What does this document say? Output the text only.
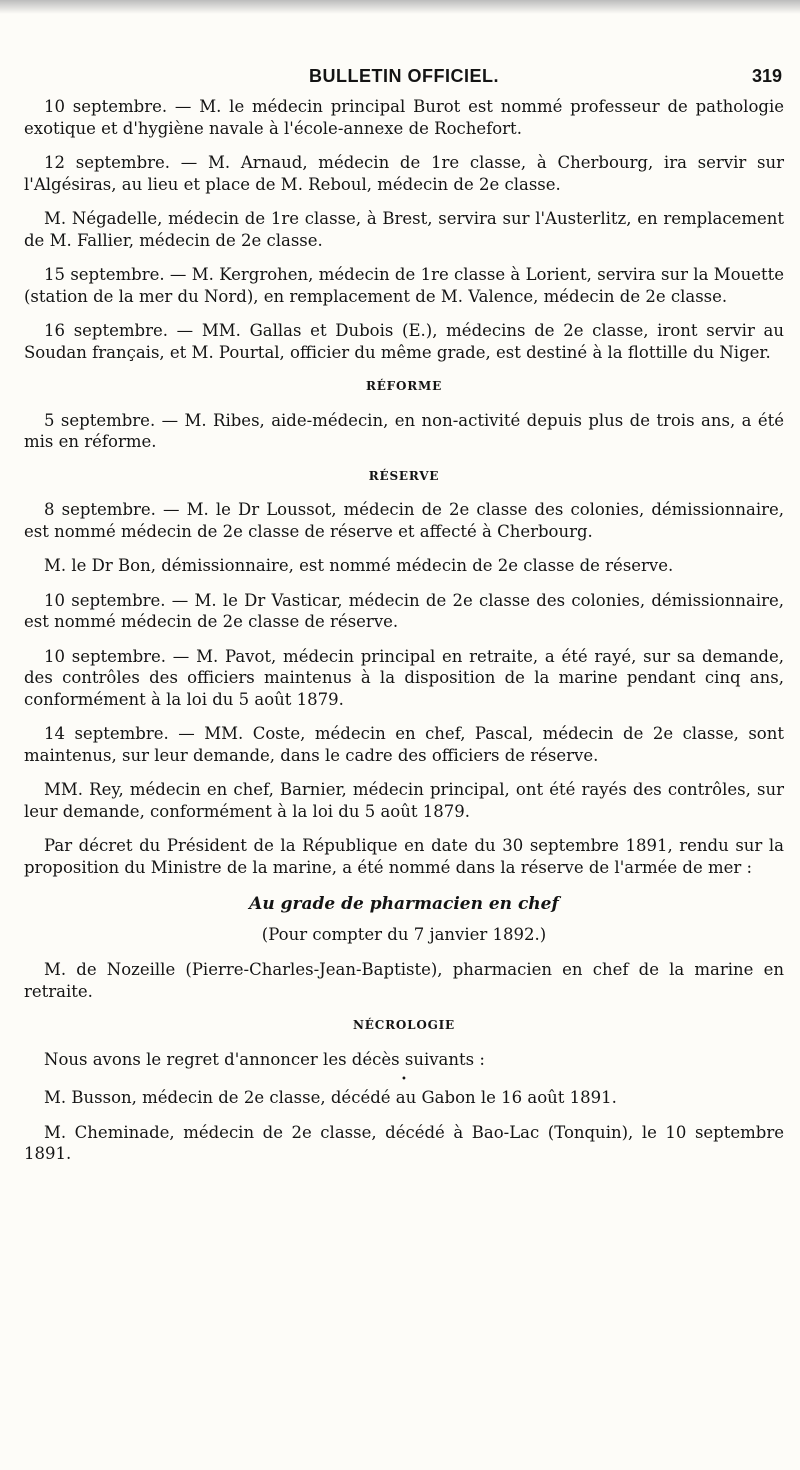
BULLETIN OFFICIEL.	319

10 septembre. — M. le médecin principal Burot est nommé professeur de pathologie exotique et d'hygiène navale à l'école-annexe de Rochefort.

12 septembre. — M. Arnaud, médecin de 1re classe, à Cherbourg, ira servir sur l'Algésiras, au lieu et place de M. Reboul, médecin de 2e classe.

M. Négadelle, médecin de 1re classe, à Brest, servira sur l'Austerlitz, en remplacement de M. Fallier, médecin de 2e classe.

15 septembre. — M. Kergrohen, médecin de 1re classe à Lorient, servira sur la Mouette (station de la mer du Nord), en remplacement de M. Valence, médecin de 2e classe.

16 septembre. — MM. Gallas et Dubois (E.), médecins de 2e classe, iront servir au Soudan français, et M. Pourtal, officier du même grade, est destiné à la flottille du Niger.

RÉFORME

5 septembre. — M. Ribes, aide-médecin, en non-activité depuis plus de trois ans, a été mis en réforme.

RÉSERVE

8 septembre. — M. le Dr Loussot, médecin de 2e classe des colonies, démissionnaire, est nommé médecin de 2e classe de réserve et affecté à Cherbourg.

M. le Dr Bon, démissionnaire, est nommé médecin de 2e classe de réserve.

10 septembre. — M. le Dr Vasticar, médecin de 2e classe des colonies, démissionnaire, est nommé médecin de 2e classe de réserve.

10 septembre. — M. Pavot, médecin principal en retraite, a été rayé, sur sa demande, des contrôles des officiers maintenus à la disposition de la marine pendant cinq ans, conformément à la loi du 5 août 1879.

14 septembre. — MM. Coste, médecin en chef, Pascal, médecin de 2e classe, sont maintenus, sur leur demande, dans le cadre des officiers de réserve.

MM. Rey, médecin en chef, Barnier, médecin principal, ont été rayés des contrôles, sur leur demande, conformément à la loi du 5 août 1879.

Par décret du Président de la République en date du 30 septembre 1891, rendu sur la proposition du Ministre de la marine, a été nommé dans la réserve de l'armée de mer :

Au grade de pharmacien en chef
(Pour compter du 7 janvier 1892.)

M. de Nozeille (Pierre-Charles-Jean-Baptiste), pharmacien en chef de la marine en retraite.

NÉCROLOGIE

Nous avons le regret d'annoncer les décès suivants :

•

M. Busson, médecin de 2e classe, décédé au Gabon le 16 août 1891.

M. Cheminade, médecin de 2e classe, décédé à Bao-Lac (Tonquin), le 10 septembre 1891.
